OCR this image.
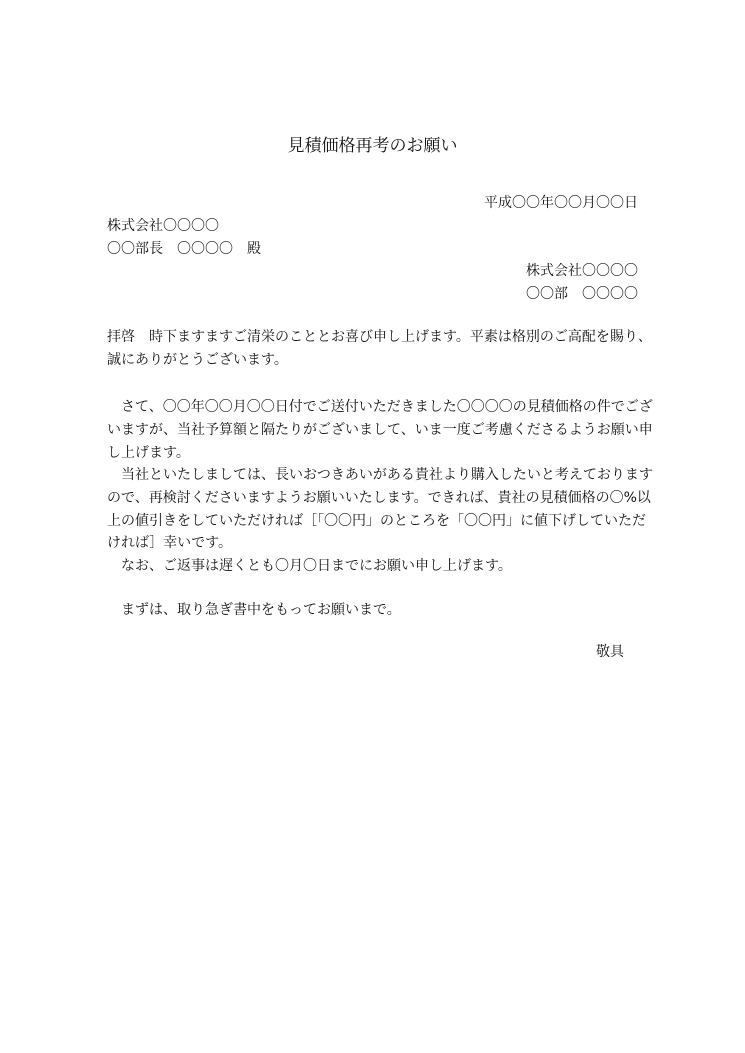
見積価格再考のお願い
平成〇〇年〇〇月〇〇日
株式会社〇〇〇〇
〇〇部長　〇〇〇〇　殿
株式会社〇〇〇〇
〇〇部　〇〇〇〇
拝啓　時下ますますご清栄のこととお喜び申し上げます。平素は格別のご高配を賜り、
誠にありがとうございます。
　さて、〇〇年〇〇月〇〇日付でご送付いただきました〇〇〇〇の見積価格の件でござ
いますが、当社予算額と隔たりがございまして、いま一度ご考慮くださるようお願い申
し上げます。
　当社といたしましては、長いおつきあいがある貴社より購入したいと考えております
ので、再検討くださいますようお願いいたします。できれば、貴社の見積価格の〇%以
上の値引きをしていただければ［「〇〇円」のところを「〇〇円」に値下げしていただ
ければ］幸いです。
　なお、ご返事は遅くとも〇月〇日までにお願い申し上げます。
　まずは、取り急ぎ書中をもってお願いまで。
敬具
